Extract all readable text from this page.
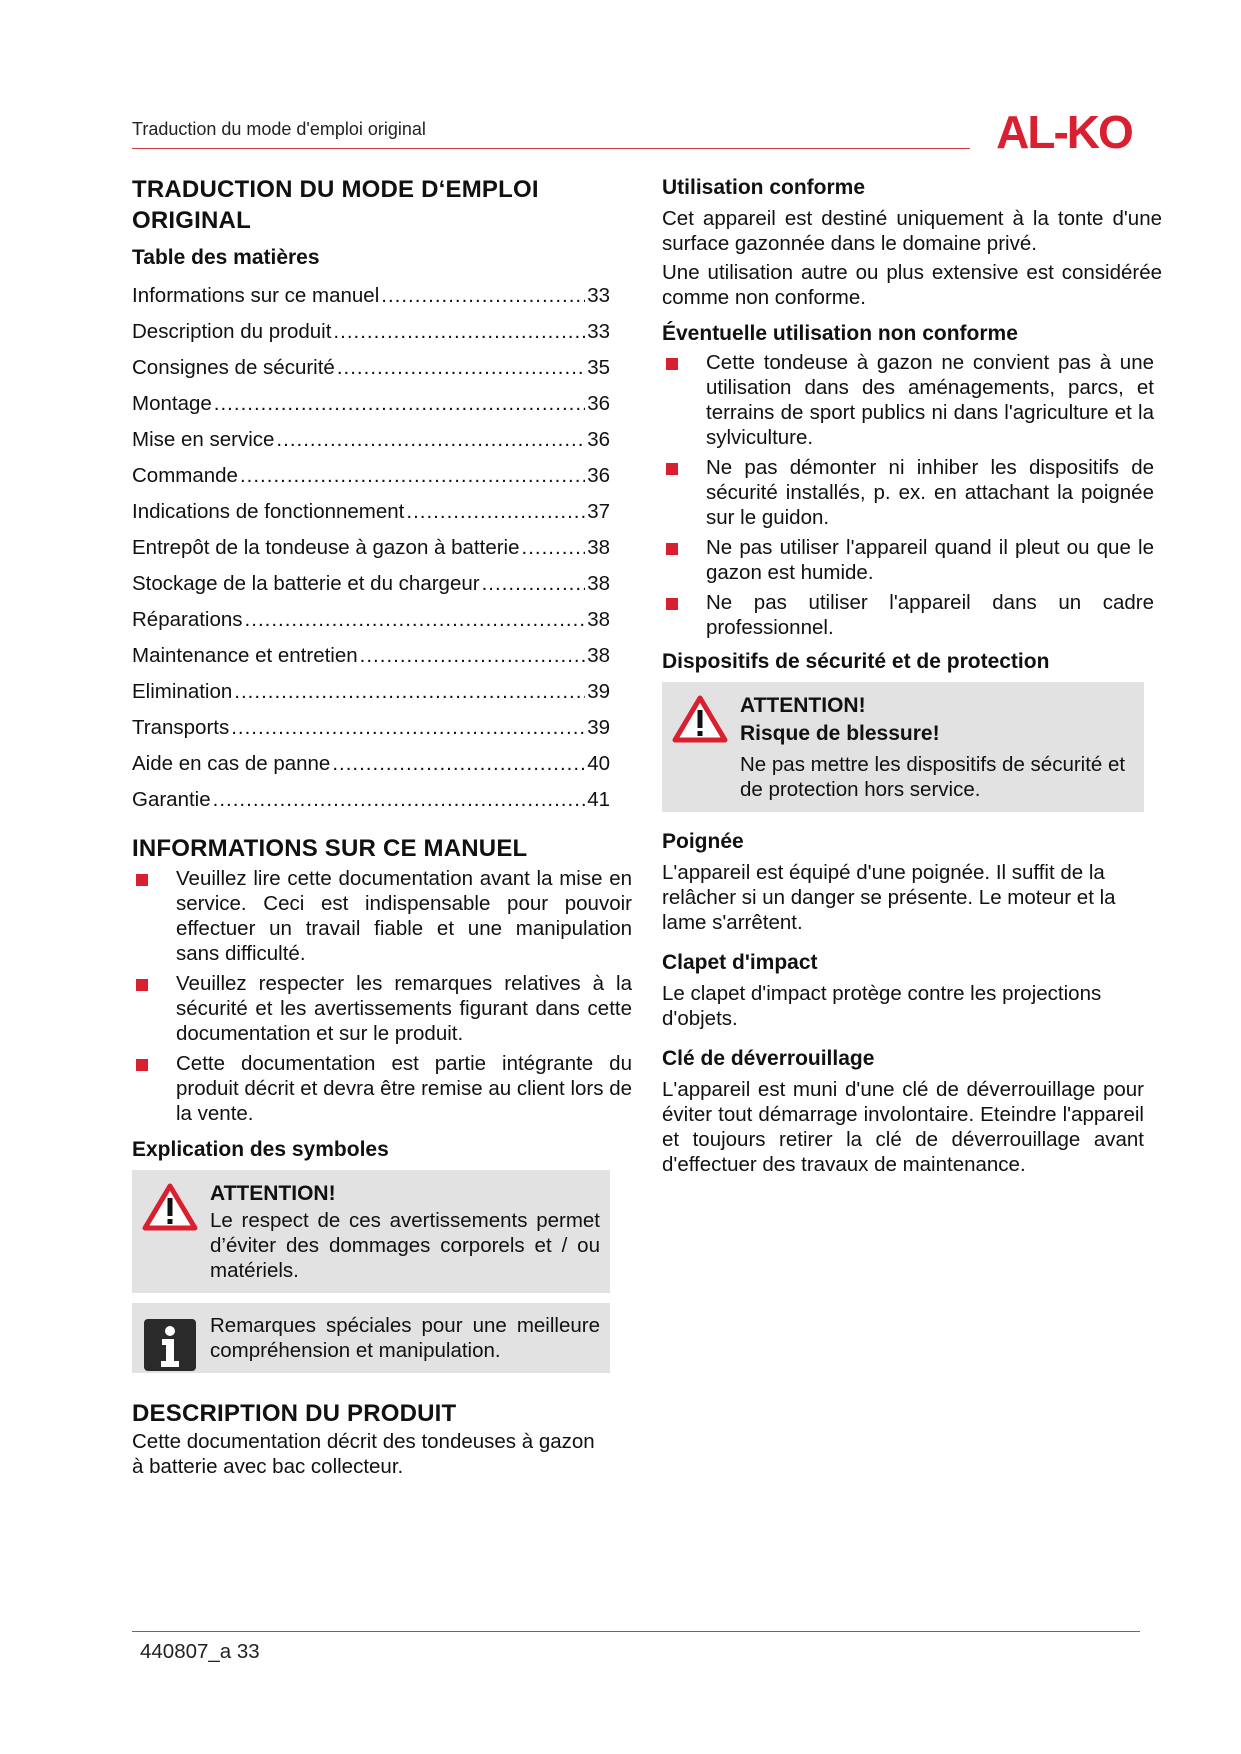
Traduction du mode d'emploi original	AL-KO
TRADUCTION DU MODE D‘EMPLOI
ORIGINAL
Table des matières
Informations sur ce manuel .....	33
Description du produit .....	33
Consignes de sécurité .....	35
Montage .....	36
Mise en service .....	36
Commande .....	36
Indications de fonctionnement .....	37
Entrepôt de la tondeuse à gazon à batterie .....	38
Stockage de la batterie et du chargeur .....	38
Réparations .....	38
Maintenance et entretien .....	38
Elimination .....	39
Transports .....	39
Aide en cas de panne .....	40
Garantie .....	41
INFORMATIONS SUR CE MANUEL
Veuillez lire cette documentation avant la mise en service. Ceci est indispensable pour pouvoir effectuer un travail fiable et une manipulation sans difficulté.
Veuillez respecter les remarques relatives à la sécurité et les avertissements figurant dans cette documentation et sur le produit.
Cette documentation est partie intégrante du produit décrit et devra être remise au client lors de la vente.
Explication des symboles
ATTENTION!
Le respect de ces avertissements permet d’éviter des dommages corporels et / ou matériels.
Remarques spéciales pour une meilleure compréhension et manipulation.
DESCRIPTION DU PRODUIT

Cette documentation décrit des tondeuses à gazon à batterie avec bac collecteur.

Utilisation conforme

Cet appareil est destiné uniquement à la tonte d'une surface gazonnée dans le domaine privé.

Une utilisation autre ou plus extensive est considérée comme non conforme.

Éventuelle utilisation non conforme
Cette tondeuse à gazon ne convient pas à une utilisation dans des aménagements, parcs, et terrains de sport publics ni dans l'agriculture et la sylviculture.
Ne pas démonter ni inhiber les dispositifs de sécurité installés, p. ex. en attachant la poignée sur le guidon.
Ne pas utiliser l'appareil quand il pleut ou que le gazon est humide.
Ne pas utiliser l'appareil dans un cadre professionnel.
Dispositifs de sécurité et de protection
ATTENTION!
Risque de blessure!
Ne pas mettre les dispositifs de sécurité et de protection hors service.
Poignée

L'appareil est équipé d'une poignée. Il suffit de la relâcher si un danger se présente. Le moteur et la lame s'arrêtent.

Clapet d'impact

Le clapet d'impact protège contre les projections d'objets.

Clé de déverrouillage

L'appareil est muni d'une clé de déverrouillage pour éviter tout démarrage involontaire. Eteindre l'appareil et toujours retirer la clé de déverrouillage avant d'effectuer des travaux de maintenance.

440807_a 33
